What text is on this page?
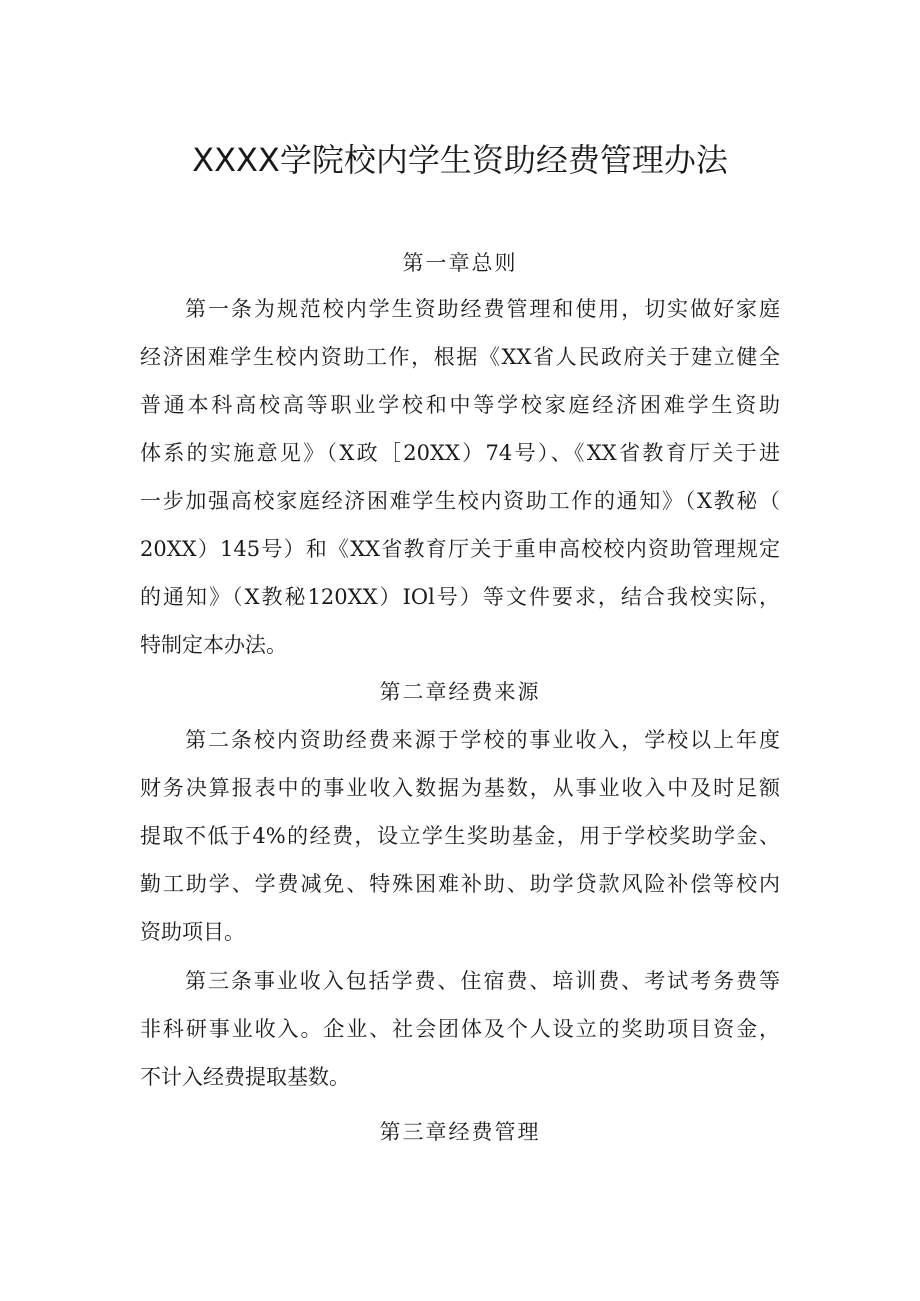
XXXX学院校内学生资助经费管理办法
第一章总则

第一条为规范校内学生资助经费管理和使用，切实做好家庭

经济困难学生校内资助工作，根据《XX省人民政府关于建立健全

普通本科高校高等职业学校和中等学校家庭经济困难学生资助

体系的实施意见》（X政［20XX）74号）、《XX省教育厅关于进

一步加强高校家庭经济困难学生校内资助工作的通知》（X教秘（

20XX）145号）和《XX省教育厅关于重申高校校内资助管理规定

的通知》（X教秘120XX）IOl号）等文件要求，结合我校实际，

特制定本办法。

第二章经费来源

第二条校内资助经费来源于学校的事业收入，学校以上年度

财务决算报表中的事业收入数据为基数，从事业收入中及时足额

提取不低于4%的经费，设立学生奖助基金，用于学校奖助学金、

勤工助学、学费减免、特殊困难补助、助学贷款风险补偿等校内

资助项目。

第三条事业收入包括学费、住宿费、培训费、考试考务费等

非科研事业收入。企业、社会团体及个人设立的奖助项目资金，

不计入经费提取基数。

第三章经费管理
